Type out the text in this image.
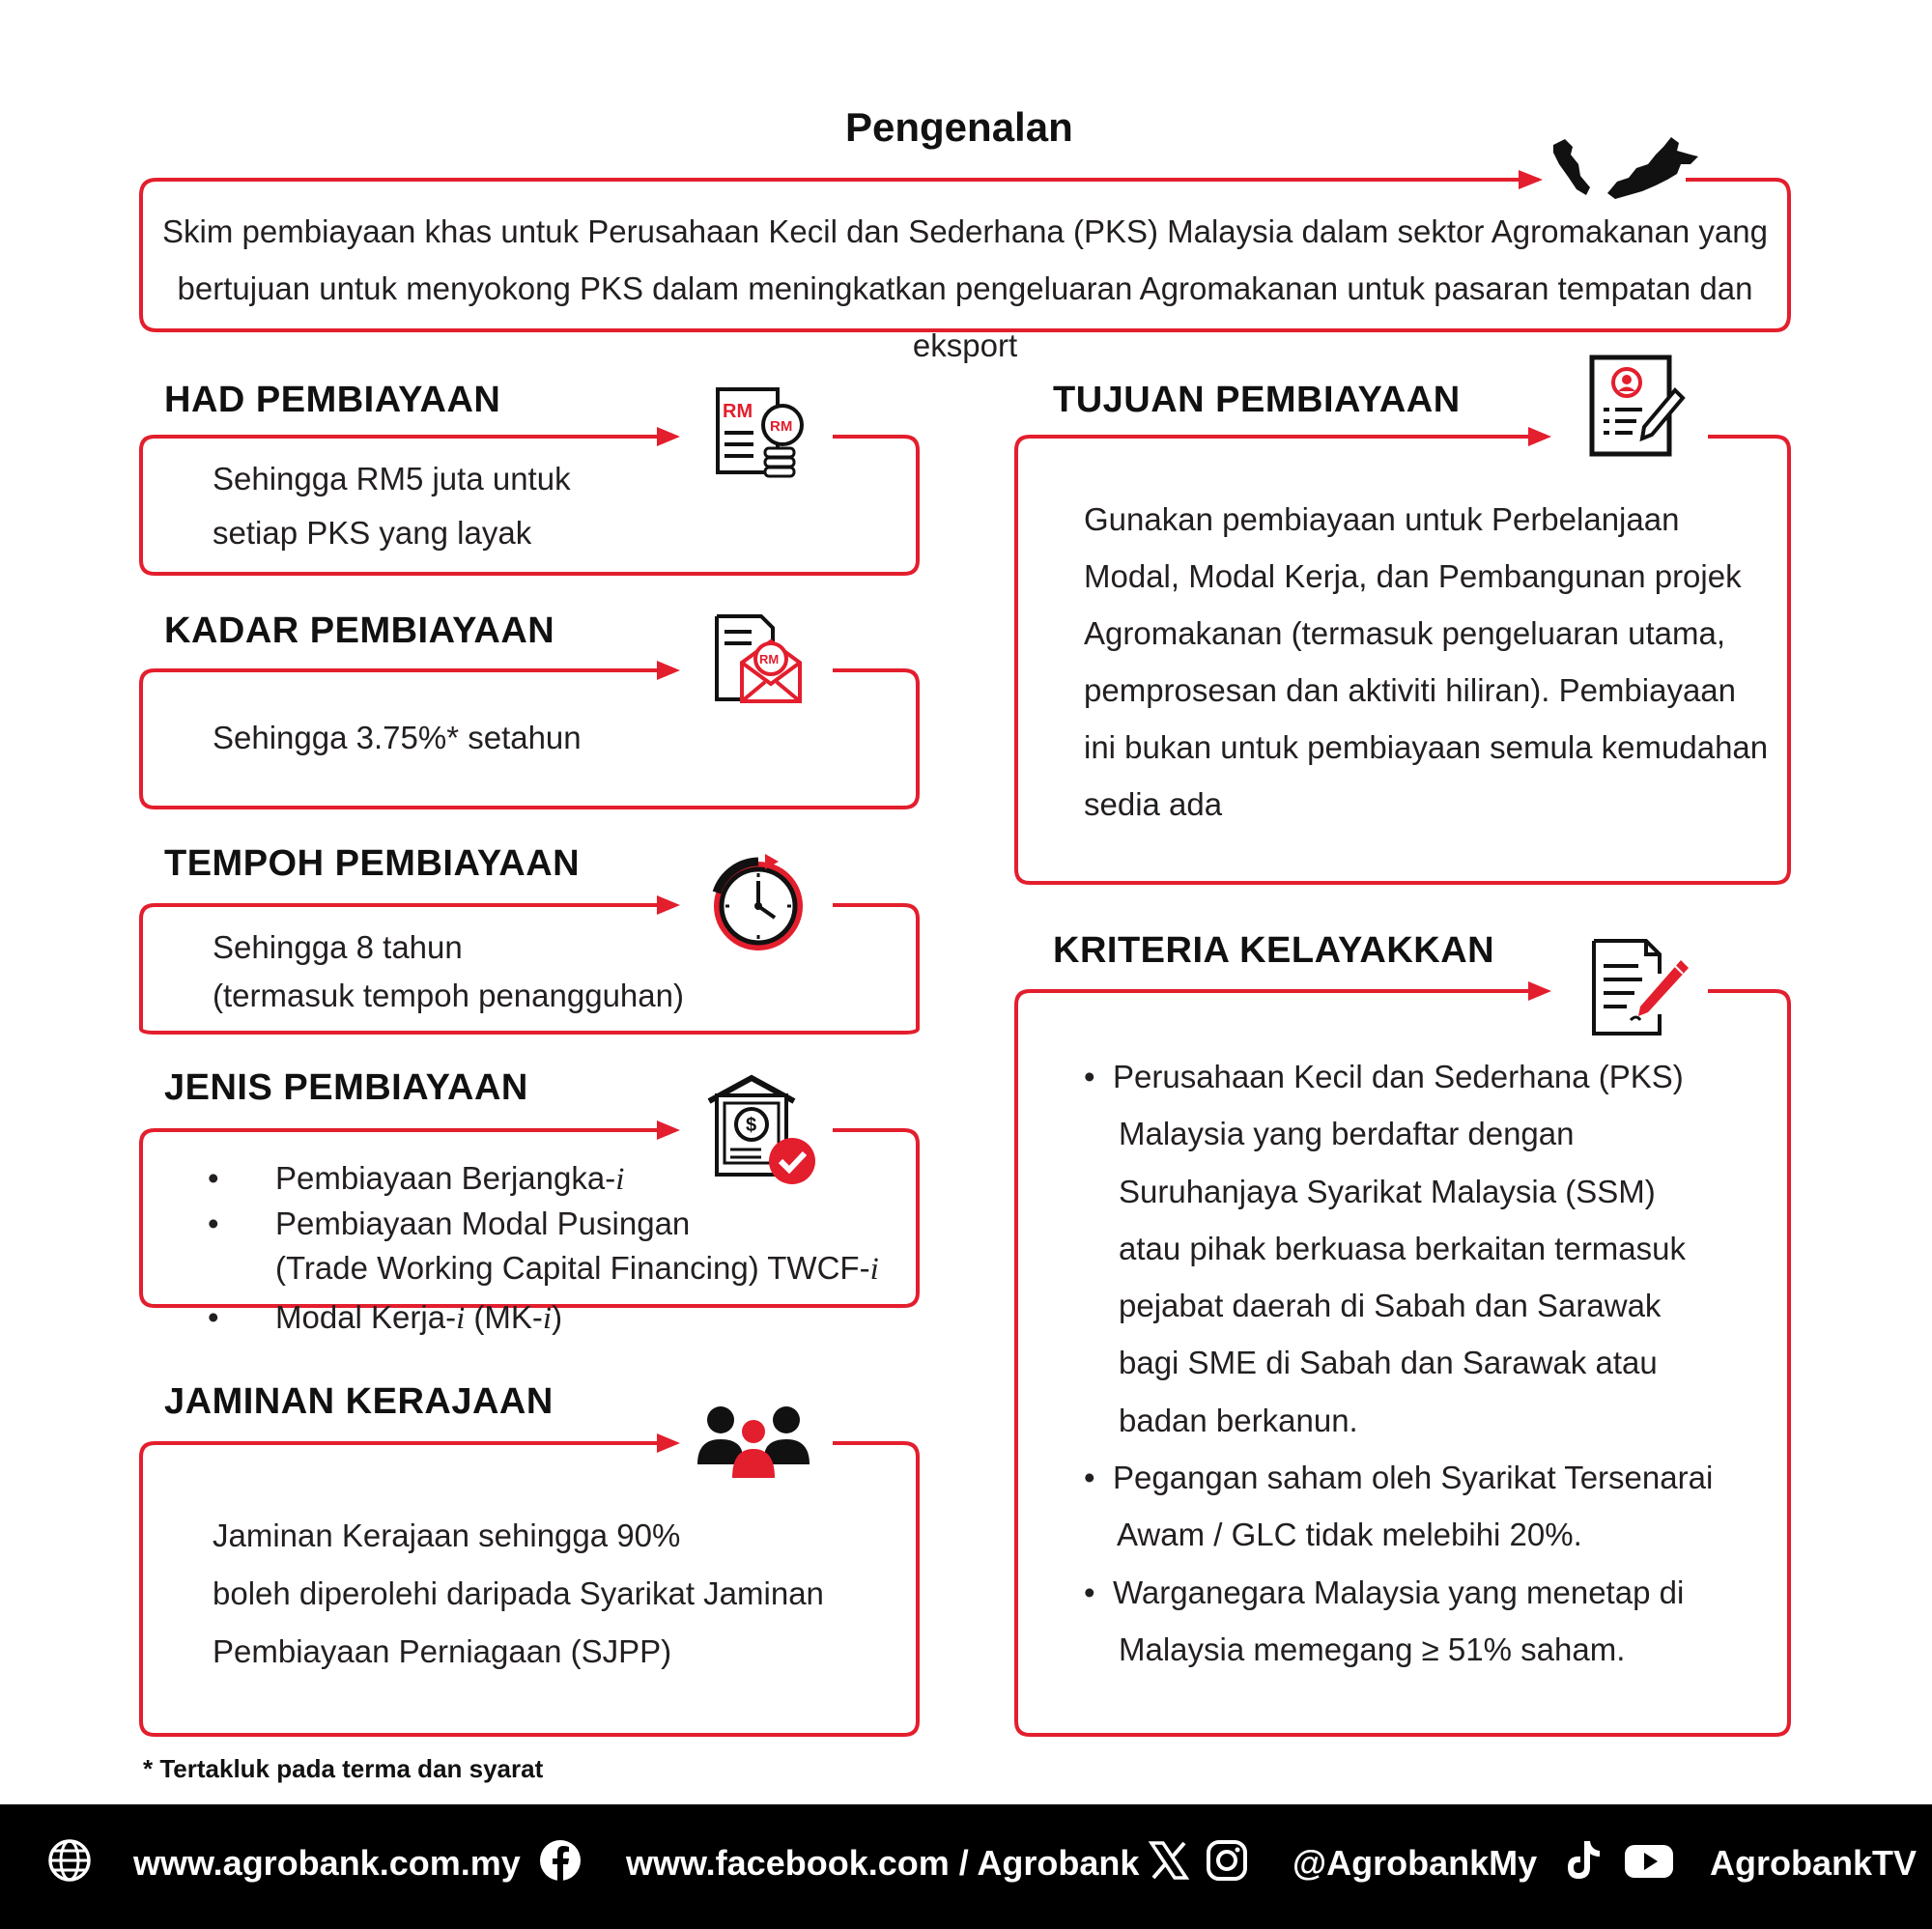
Pengenalan
Skim pembiayaan khas untuk Perusahaan Kecil dan Sederhana (PKS) Malaysia dalam sektor Agromakanan yang
bertujuan untuk menyokong PKS dalam meningkatkan pengeluaran Agromakanan untuk pasaran tempatan dan eksport
HAD PEMBIAYAAN	RM
RM
Sehingga RM5 juta untuk
setiap PKS yang layak
KADAR PEMBIAYAAN
RM
Sehingga 3.75%* setahun
TEMPOH PEMBIAYAAN
Sehingga 8 tahun
(termasuk tempoh penangguhan)
JENIS PEMBIAYAAN
$
•	Pembiayaan Berjangka-i
•	Pembiayaan Modal Pusingan
(Trade Working Capital Financing) TWCF-i
•	Modal Kerja-i (MK-i)
JAMINAN KERAJAAN
Jaminan Kerajaan sehingga 90%
boleh diperolehi daripada Syarikat Jaminan
Pembiayaan Perniagaan (SJPP)
* Tertakluk pada terma dan syarat
TUJUAN PEMBIAYAAN
Gunakan pembiayaan untuk Perbelanjaan
Modal, Modal Kerja, dan Pembangunan projek
Agromakanan (termasuk pengeluaran utama,
pemprosesan dan aktiviti hiliran). Pembiayaan
ini bukan untuk pembiayaan semula kemudahan
sedia ada
KRITERIA KELAYAKKAN
• Perusahaan Kecil dan Sederhana (PKS)
Malaysia yang berdaftar dengan
Suruhanjaya Syarikat Malaysia (SSM)
atau pihak berkuasa berkaitan termasuk
pejabat daerah di Sabah dan Sarawak
bagi SME di Sabah dan Sarawak atau
badan berkanun.
• Pegangan saham oleh Syarikat Tersenarai
Awam / GLC tidak melebihi 20%.
• Warganegara Malaysia yang menetap di
Malaysia memegang ≥ 51% saham.
www.agrobank.com.my	www.facebook.com / Agrobank	@AgrobankMy	AgrobankTV
